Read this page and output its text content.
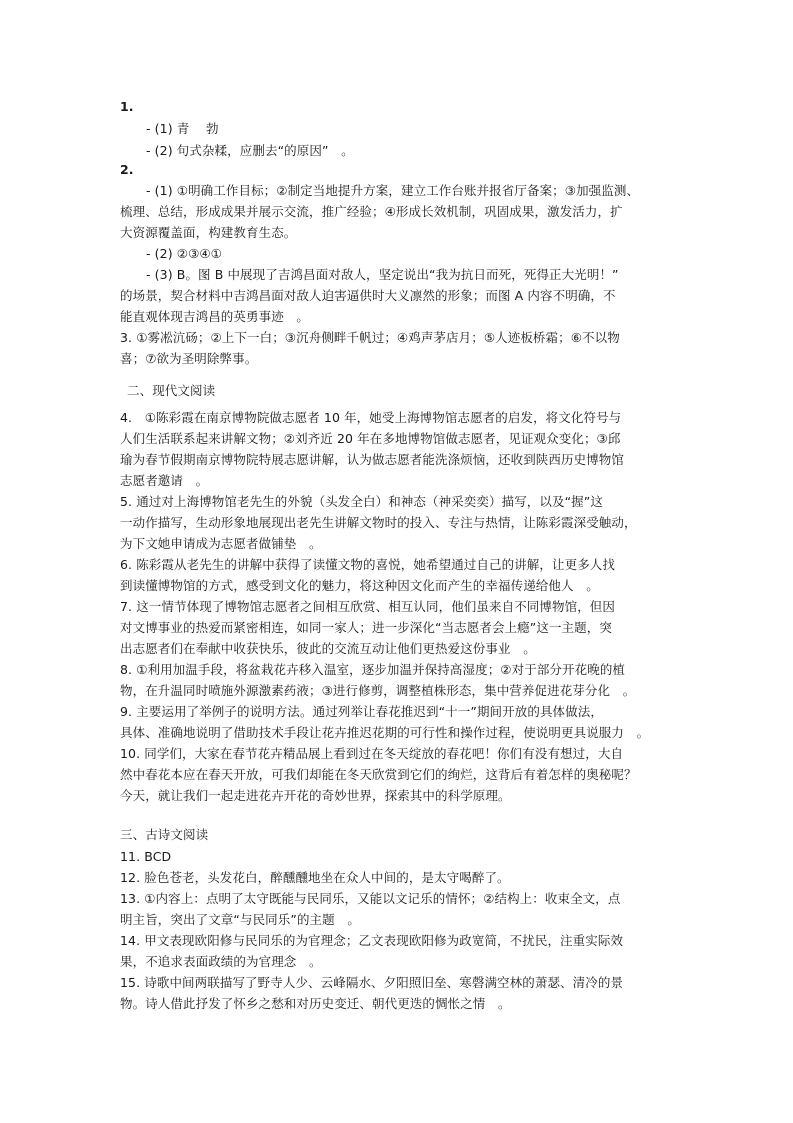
1.
- (1) 青　 勃
- (2) 句式杂糅，应删去“的原因”　。
2.
- (1) ①明确工作目标；②制定当地提升方案，建立工作台账并报省厅备案；③加强监测、
梳理、总结，形成成果并展示交流，推广经验；④形成长效机制，巩固成果，激发活力，扩
大资源覆盖面，构建教育生态。
- (2) ②③④①
- (3) B。图 B 中展现了吉鸿昌面对敌人，坚定说出“我为抗日而死，死得正大光明！”
的场景，契合材料中吉鸿昌面对敌人迫害逼供时大义凛然的形象；而图 A 内容不明确，不
能直观体现吉鸿昌的英勇事迹　。
3. ①雾凇沆砀；②上下一白；③沉舟侧畔千帆过；④鸡声茅店月；⑤人迹板桥霜；⑥不以物
喜；⑦欲为圣明除弊事。
二、现代文阅读
4.　①陈彩霞在南京博物院做志愿者 10 年，她受上海博物馆志愿者的启发，将文化符号与
人们生活联系起来讲解文物；②刘齐近 20 年在多地博物馆做志愿者，见证观众变化；③邱
瑜为春节假期南京博物院特展志愿讲解，认为做志愿者能洗涤烦恼，还收到陕西历史博物馆
志愿者邀请　。
5. 通过对上海博物馆老先生的外貌（头发全白）和神态（神采奕奕）描写，以及“握”这
一动作描写，生动形象地展现出老先生讲解文物时的投入、专注与热情，让陈彩霞深受触动，
为下文她申请成为志愿者做铺垫　。
6. 陈彩霞从老先生的讲解中获得了读懂文物的喜悦，她希望通过自己的讲解，让更多人找
到读懂博物馆的方式，感受到文化的魅力，将这种因文化而产生的幸福传递给他人　。
7. 这一情节体现了博物馆志愿者之间相互欣赏、相互认同，他们虽来自不同博物馆，但因
对文博事业的热爱而紧密相连，如同一家人；进一步深化“当志愿者会上瘾”这一主题，突
出志愿者们在奉献中收获快乐，彼此的交流互动让他们更热爱这份事业　。
8. ①利用加温手段，将盆栽花卉移入温室，逐步加温并保持高湿度；②对于部分开花晚的植
物，在升温同时喷施外源激素药液；③进行修剪，调整植株形态，集中营养促进花芽分化　。
9. 主要运用了举例子的说明方法。通过列举让春花推迟到“十一”期间开放的具体做法，
具体、准确地说明了借助技术手段让花卉推迟花期的可行性和操作过程，使说明更具说服力　。
10. 同学们，大家在春节花卉精品展上看到过在冬天绽放的春花吧！你们有没有想过，大自
然中春花本应在春天开放，可我们却能在冬天欣赏到它们的绚烂，这背后有着怎样的奥秘呢？
今天，就让我们一起走进花卉开花的奇妙世界，探索其中的科学原理。
三、古诗文阅读
11. BCD
12. 脸色苍老，头发花白，醉醺醺地坐在众人中间的，是太守喝醉了。
13. ①内容上：点明了太守既能与民同乐，又能以文记乐的情怀；②结构上：收束全文，点
明主旨，突出了文章“与民同乐”的主题　。
14. 甲文表现欧阳修与民同乐的为官理念；乙文表现欧阳修为政宽简，不扰民，注重实际效
果，不追求表面政绩的为官理念　。
15. 诗歌中间两联描写了野寺人少、云峰隔水、夕阳照旧垒、寒磬满空林的萧瑟、清冷的景
物。诗人借此抒发了怀乡之愁和对历史变迁、朝代更迭的惆怅之情　。
